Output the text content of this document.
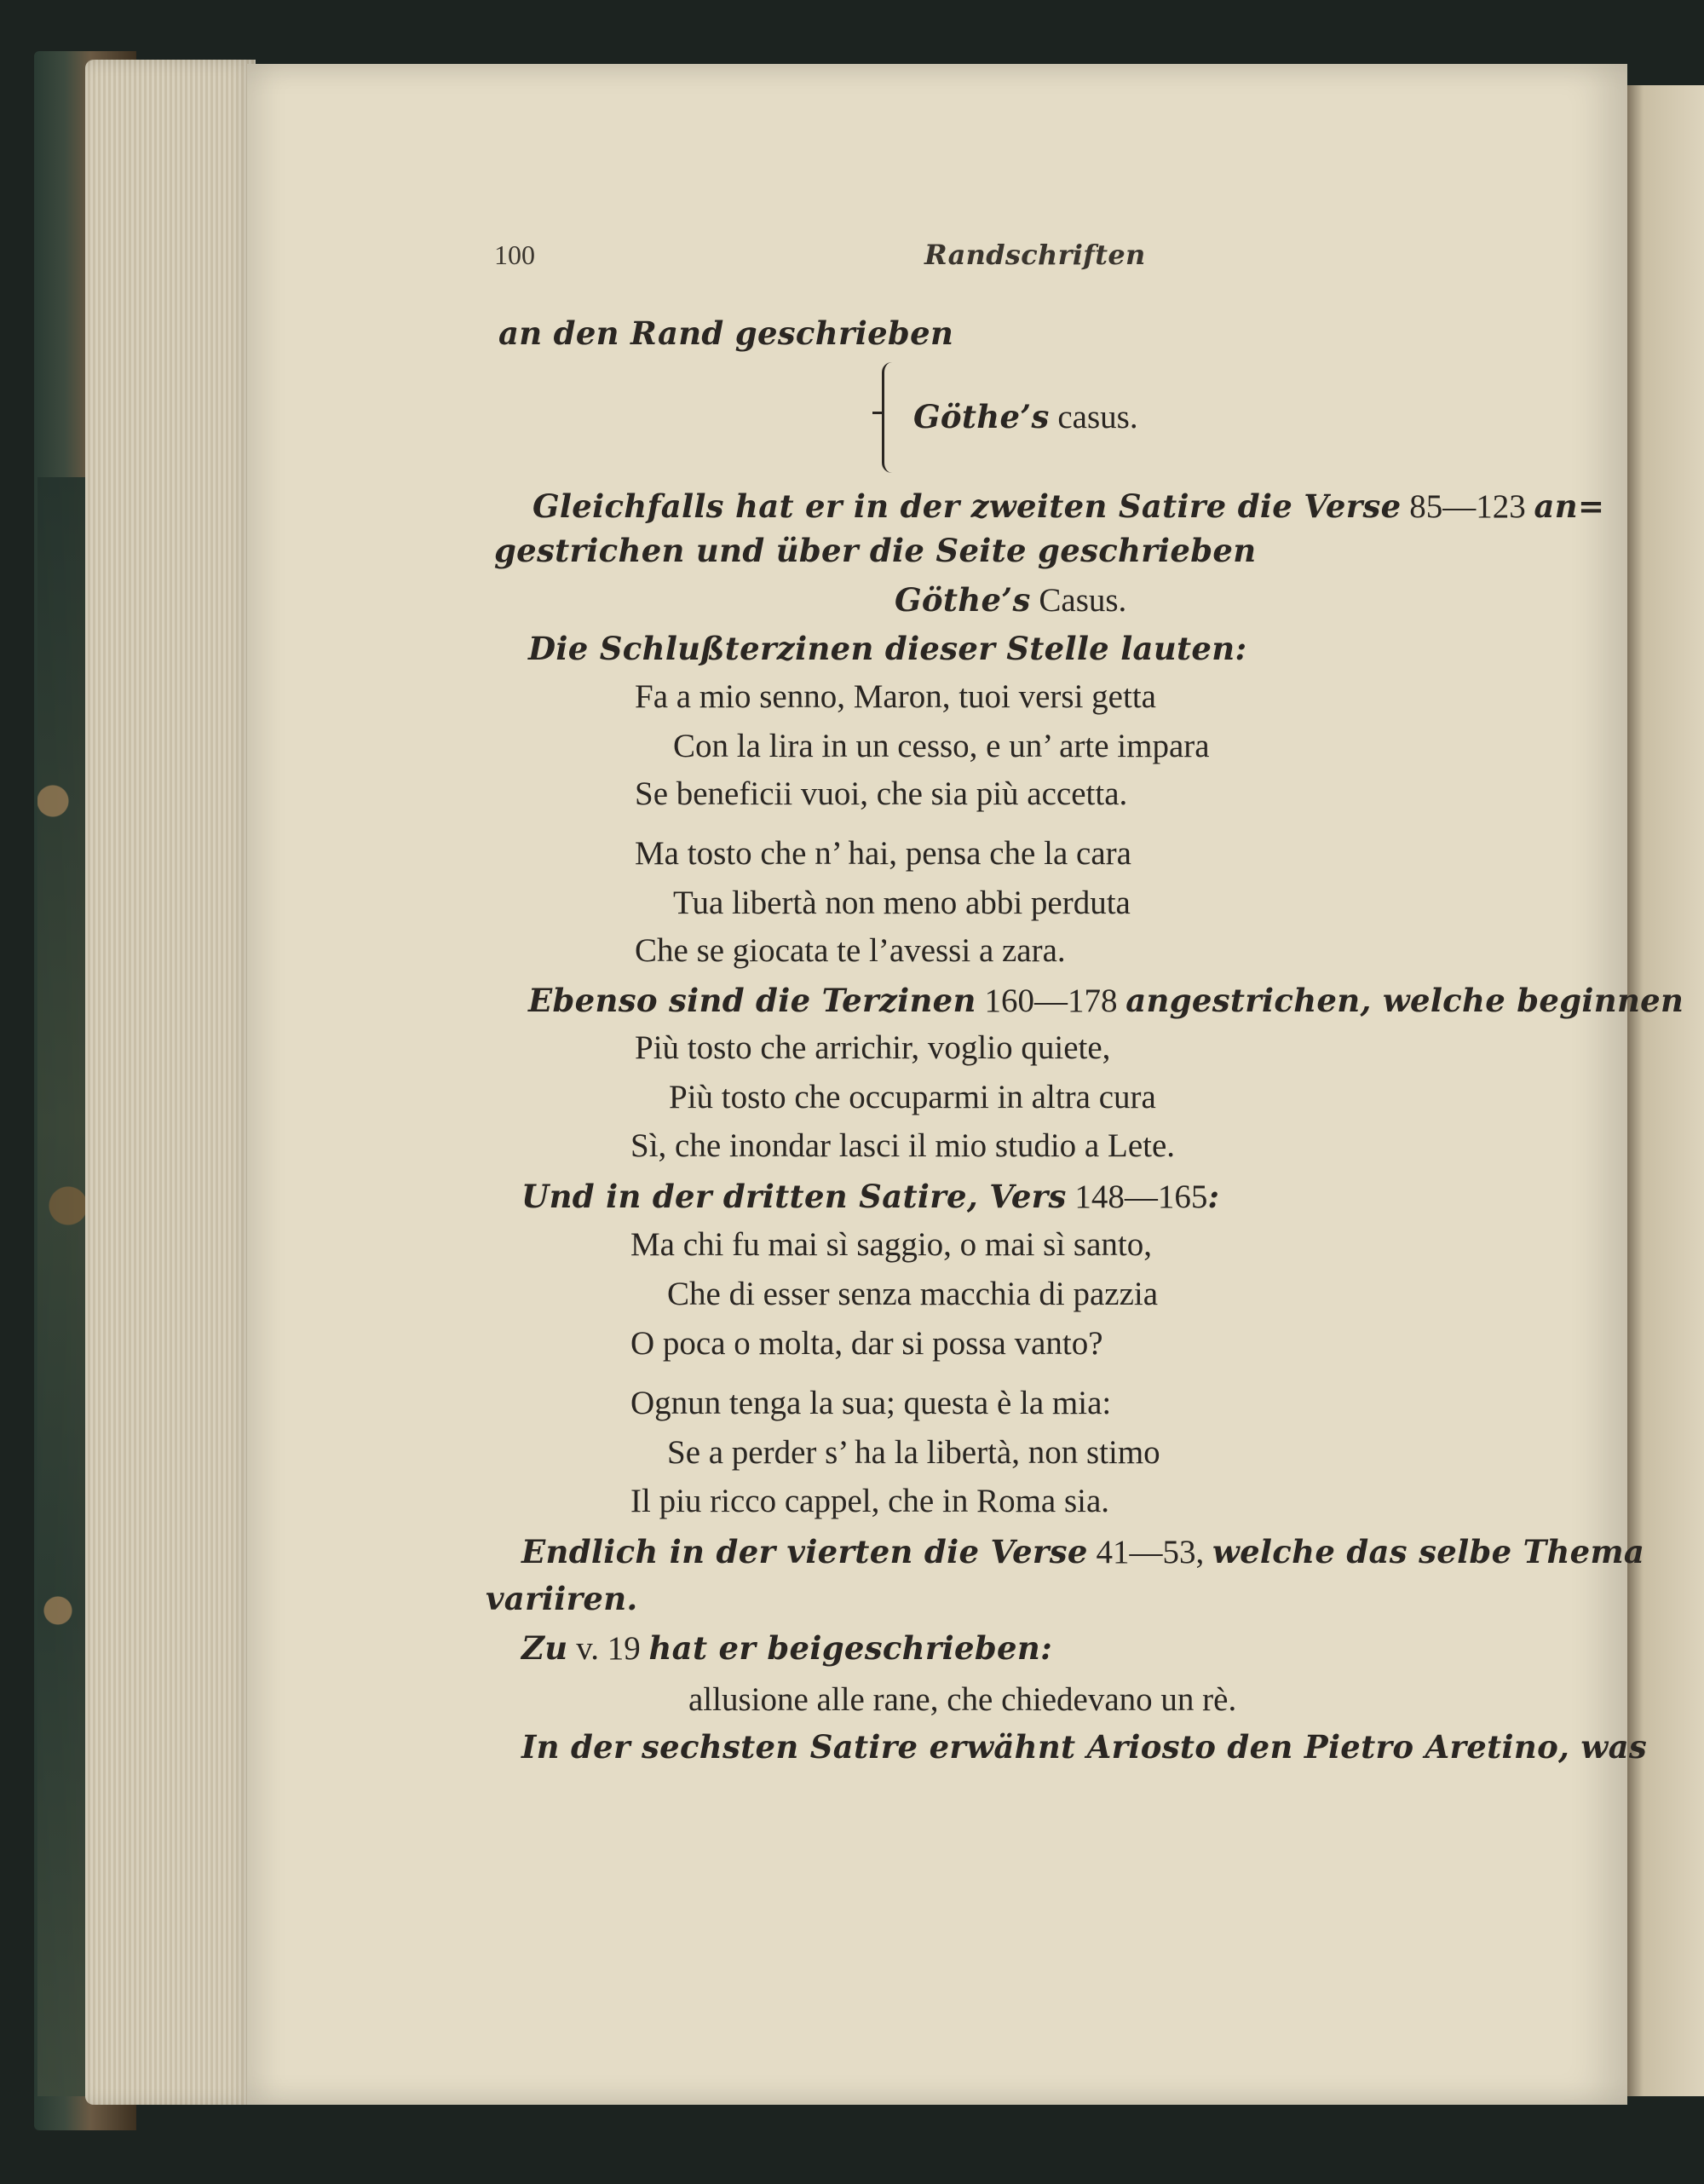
100	Randschriften
an den Rand geschrieben
Göthe’s casus.
Gleichfalls hat er in der zweiten Satire die Verse 85—123 an=
gestrichen und über die Seite geschrieben
Göthe’s Casus.
Die Schlußterzinen dieser Stelle lauten:
Fa a mio senno, Maron, tuoi versi getta
Con la lira in un cesso, e un’ arte impara
Se beneficii vuoi, che sia più accetta.
Ma tosto che n’ hai, pensa che la cara
Tua libertà non meno abbi perduta
Che se giocata te l’avessi a zara.
Ebenso sind die Terzinen 160—178 angestrichen, welche beginnen
Più tosto che arrichir, voglio quiete,
Più tosto che occuparmi in altra cura
Sì, che inondar lasci il mio studio a Lete.
Und in der dritten Satire, Vers 148—165:
Ma chi fu mai sì saggio, o mai sì santo,
Che di esser senza macchia di pazzia
O poca o molta, dar si possa vanto?
Ognun tenga la sua; questa è la mia:
Se a perder s’ ha la libertà, non stimo
Il piu ricco cappel, che in Roma sia.
Endlich in der vierten die Verse 41—53, welche das selbe Thema
variiren.
Zu v. 19 hat er beigeschrieben:
allusione alle rane, che chiedevano un rè.
In der sechsten Satire erwähnt Ariosto den Pietro Aretino, was
